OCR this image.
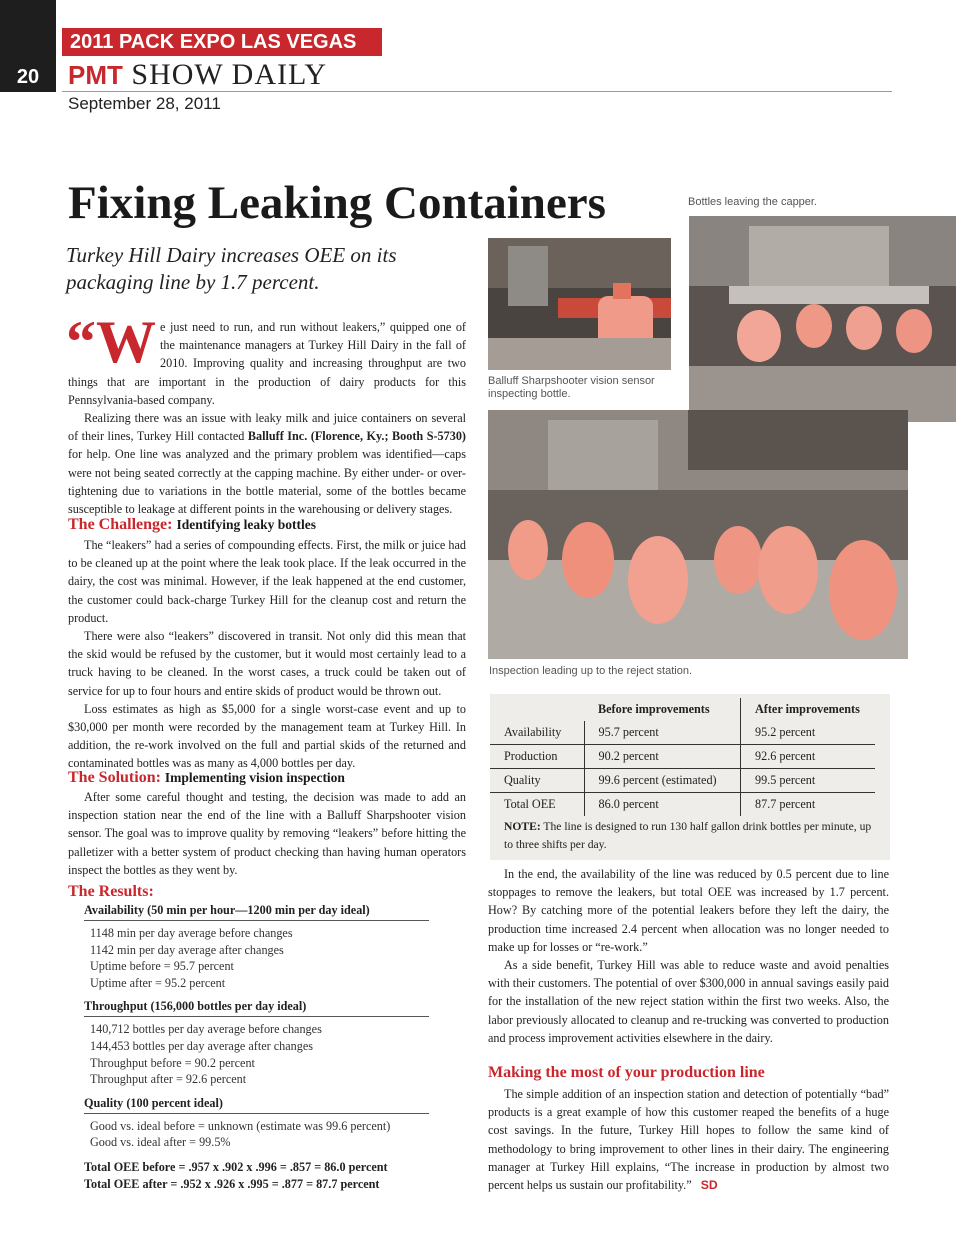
20
2011 PACK EXPO LAS VEGAS
PMT SHOW DAILY
September 28, 2011
Fixing Leaking Containers
Turkey Hill Dairy increases OEE on its packaging line by 1.7 percent.

“We just need to run, and run without leakers,” quipped one of the maintenance managers at Turkey Hill Dairy in the fall of 2010. Improving quality and increasing throughput are two things that are important in the production of dairy products for this Pennsylvania-based company.

Realizing there was an issue with leaky milk and juice containers on several of their lines, Turkey Hill contacted Balluff Inc. (Florence, Ky.; Booth S-5730) for help. One line was analyzed and the primary problem was identified—caps were not being seated correctly at the capping machine. By either under- or over-tightening due to variations in the bottle material, some of the bottles became susceptible to leakage at different points in the warehousing or delivery stages.

The Challenge: Identifying leaky bottles

The “leakers” had a series of compounding effects. First, the milk or juice had to be cleaned up at the point where the leak took place. If the leak occurred in the dairy, the cost was minimal. However, if the leak happened at the end customer, the customer could back-charge Turkey Hill for the cleanup cost and return the product.

There were also “leakers” discovered in transit. Not only did this mean that the skid would be refused by the customer, but it would most certainly lead to a truck having to be cleaned. In the worst cases, a truck could be taken out of service for up to four hours and entire skids of product would be thrown out.

Loss estimates as high as $5,000 for a single worst-case event and up to $30,000 per month were recorded by the management team at Turkey Hill. In addition, the re-work involved on the full and partial skids of the returned and contaminated bottles was as many as 4,000 bottles per day.

The Solution: Implementing vision inspection

After some careful thought and testing, the decision was made to add an inspection station near the end of the line with a Balluff Sharpshooter vision sensor. The goal was to improve quality by removing “leakers” before hitting the palletizer with a better system of product checking than having human operators inspect the bottles as they went by.

The Results:
Availability (50 min per hour—1200 min per day ideal)
1148 min per day average before changes
1142 min per day average after changes
Uptime before = 95.7 percent
Uptime after = 95.2 percent
Throughput (156,000 bottles per day ideal)
140,712 bottles per day average before changes
144,453 bottles per day average after changes
Throughput before = 90.2 percent
Throughput after = 92.6 percent
Quality (100 percent ideal)
Good vs. ideal before = unknown (estimate was 99.6 percent)
Good vs. ideal after = 99.5%
Total OEE before = .957 x .902 x .996 = .857 = 86.0 percent
Total OEE after = .952 x .926 x .995 = .877 = 87.7 percent
Bottles leaving the capper.
Balluff Sharpshooter vision sensor inspecting bottle.
Inspection leading up to the reject station.
	Before improvements	After improvements
Availability	95.7 percent	95.2 percent
Production	90.2 percent	92.6 percent
Quality	99.6 percent (estimated)	99.5 percent
Total OEE	86.0 percent	87.7 percent
NOTE: The line is designed to run 130 half gallon drink bottles per minute, up to three shifts per day.

In the end, the availability of the line was reduced by 0.5 percent due to line stoppages to remove the leakers, but total OEE was increased by 1.7 percent. How? By catching more of the potential leakers before they left the dairy, the production time increased 2.4 percent when allocation was no longer needed to make up for losses or “re-work.”

As a side benefit, Turkey Hill was able to reduce waste and avoid penalties with their customers. The potential of over $300,000 in annual savings easily paid for the installation of the new reject station within the first two weeks. Also, the labor previously allocated to cleanup and re-trucking was converted to production and process improvement activities elsewhere in the dairy.

Making the most of your production line

The simple addition of an inspection station and detection of potentially “bad” products is a great example of how this customer reaped the benefits of a huge cost savings. In the future, Turkey Hill hopes to follow the same kind of methodology to bring improvement to other lines in their dairy. The engineering manager at Turkey Hill explains, “The increase in production by almost two percent helps us sustain our profitability.” SD
